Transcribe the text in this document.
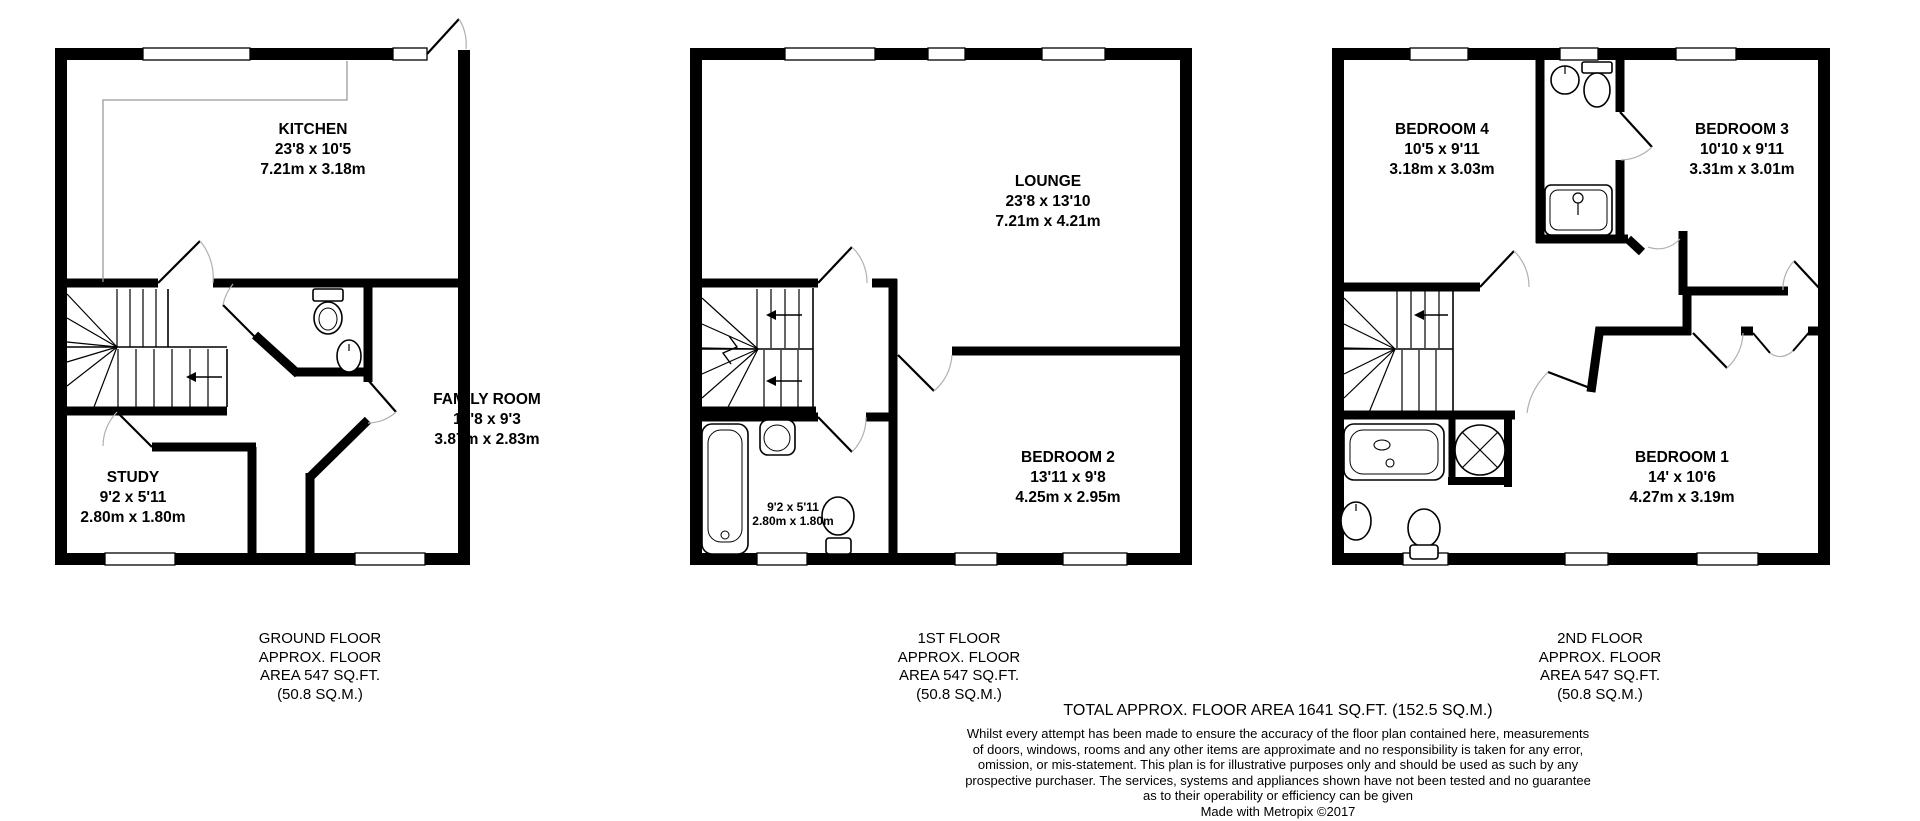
KITCHEN
23'8 x 10'5
7.21m x 3.18m
FAMILY ROOM
12'8 x 9'3
3.87m x 2.83m
STUDY
9'2 x 5'11
2.80m x 1.80m
LOUNGE
23'8 x 13'10
7.21m x 4.21m
BEDROOM 2
13'11 x 9'8
4.25m x 2.95m
9'2 x 5'11
2.80m x 1.80m
BEDROOM 4
10'5 x 9'11
3.18m x 3.03m
BEDROOM 3
10'10 x 9'11
3.31m x 3.01m
BEDROOM 1
14' x 10'6
4.27m x 3.19m
GROUND FLOOR
APPROX. FLOOR
AREA 547 SQ.FT.
(50.8 SQ.M.)
1ST FLOOR
APPROX. FLOOR
AREA 547 SQ.FT.
(50.8 SQ.M.)
2ND FLOOR
APPROX. FLOOR
AREA 547 SQ.FT.
(50.8 SQ.M.)
TOTAL APPROX. FLOOR AREA 1641 SQ.FT. (152.5 SQ.M.)
Whilst every attempt has been made to ensure the accuracy of the floor plan contained here, measurements
of doors, windows, rooms and any other items are approximate and no responsibility is taken for any error,
omission, or mis-statement. This plan is for illustrative purposes only and should be used as such by any
prospective purchaser. The services, systems and appliances shown have not been tested and no guarantee
as to their operability or efficiency can be given
Made with Metropix ©2017
